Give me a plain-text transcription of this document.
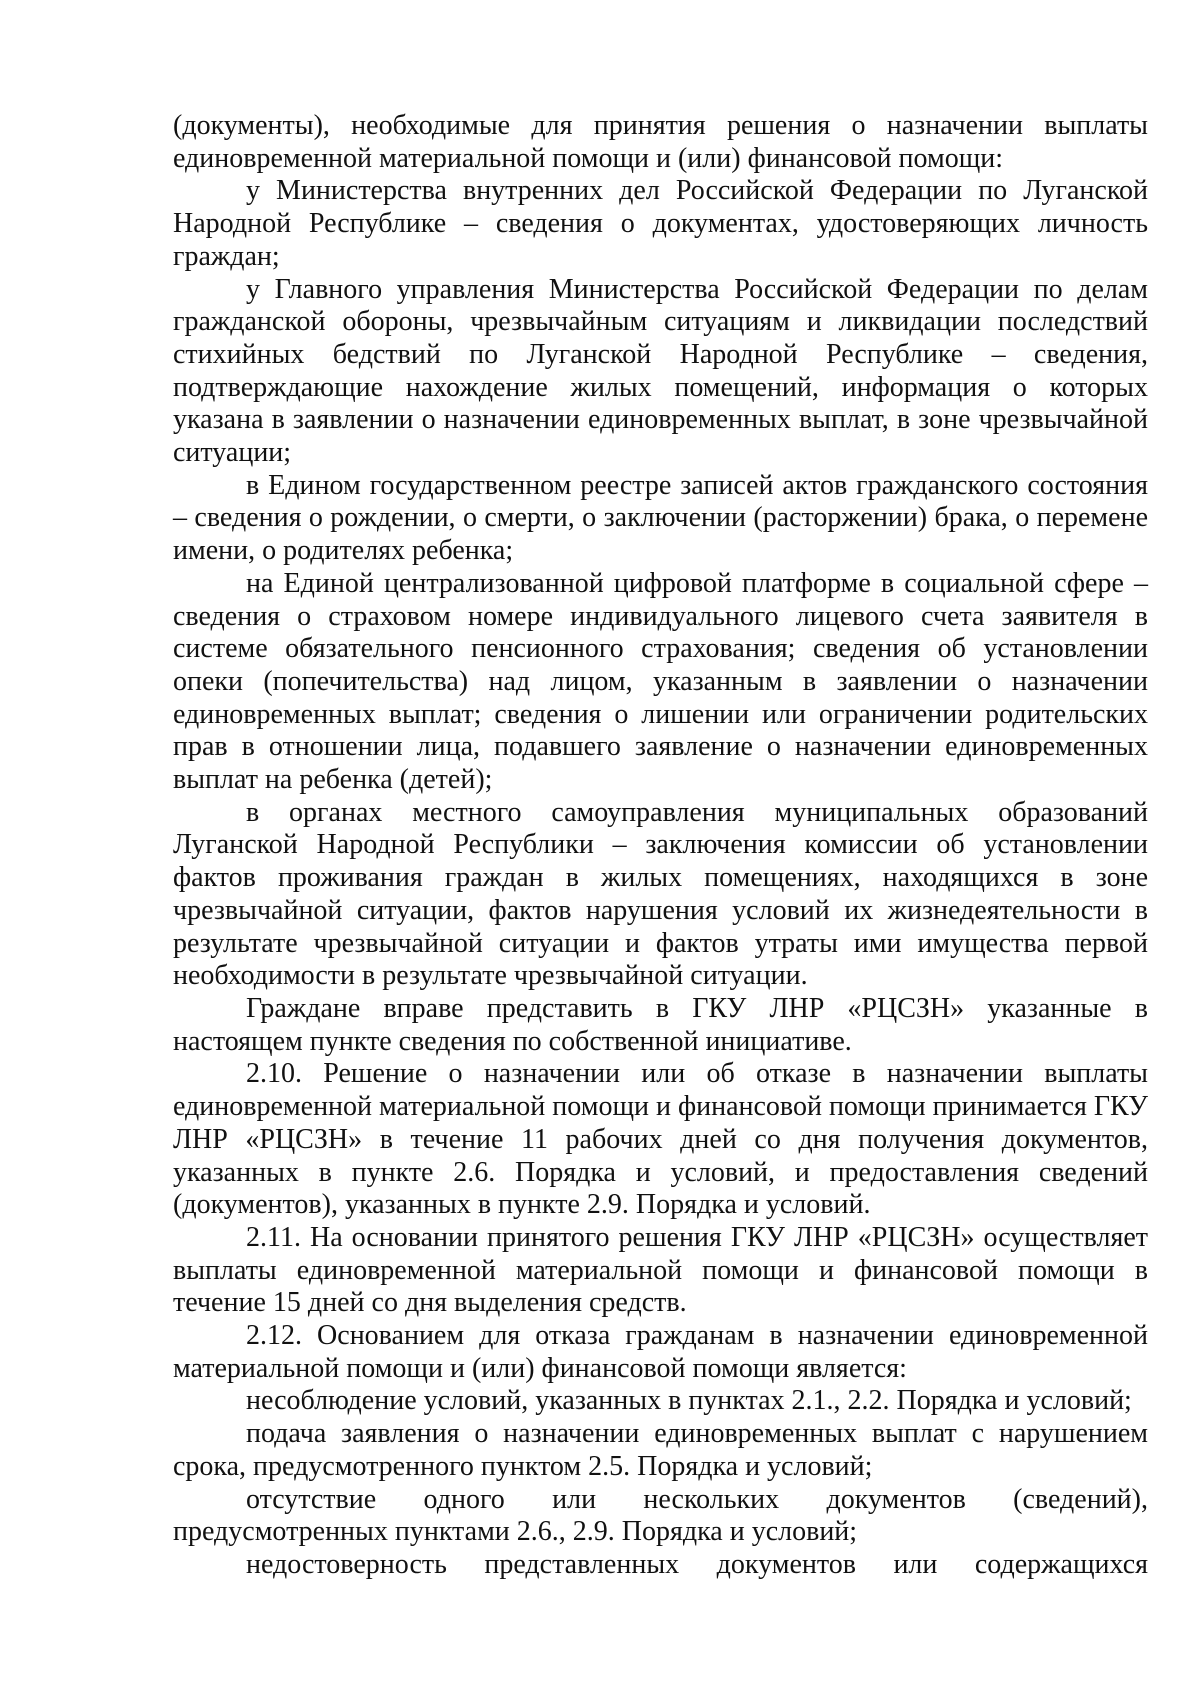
(документы), необходимые для принятия решения о назначении выплаты единовременной материальной помощи и (или) финансовой помощи:

у Министерства внутренних дел Российской Федерации по Луганской Народной Республике – сведения о документах, удостоверяющих личность граждан;

у Главного управления Министерства Российской Федерации по делам гражданской обороны, чрезвычайным ситуациям и ликвидации последствий стихийных бедствий по Луганской Народной Республике – сведения, подтверждающие нахождение жилых помещений, информация о которых указана в заявлении о назначении единовременных выплат, в зоне чрезвычайной ситуации;

в Едином государственном реестре записей актов гражданского состояния – сведения о рождении, о смерти, о заключении (расторжении) брака, о перемене имени, о родителях ребенка;

на Единой централизованной цифровой платформе в социальной сфере – сведения о страховом номере индивидуального лицевого счета заявителя в системе обязательного пенсионного страхования; сведения об установлении опеки (попечительства) над лицом, указанным в заявлении о назначении единовременных выплат; сведения о лишении или ограничении родительских прав в отношении лица, подавшего заявление о назначении единовременных выплат на ребенка (детей);

в органах местного самоуправления муниципальных образований Луганской Народной Республики – заключения комиссии об установлении фактов проживания граждан в жилых помещениях, находящихся в зоне чрезвычайной ситуации, фактов нарушения условий их жизнедеятельности в результате чрезвычайной ситуации и фактов утраты ими имущества первой необходимости в результате чрезвычайной ситуации.

Граждане вправе представить в ГКУ ЛНР «РЦСЗН» указанные в настоящем пункте сведения по собственной инициативе.

2.10. Решение о назначении или об отказе в назначении выплаты единовременной материальной помощи и финансовой помощи принимается ГКУ ЛНР «РЦСЗН» в течение 11 рабочих дней со дня получения документов, указанных в пункте 2.6. Порядка и условий, и предоставления сведений (документов), указанных в пункте 2.9. Порядка и условий.

2.11. На основании принятого решения ГКУ ЛНР «РЦСЗН» осуществляет выплаты единовременной материальной помощи и финансовой помощи в течение 15 дней со дня выделения средств.

2.12. Основанием для отказа гражданам в назначении единовременной материальной помощи и (или) финансовой помощи является:

несоблюдение условий, указанных в пунктах 2.1., 2.2. Порядка и условий;

подача заявления о назначении единовременных выплат с нарушением срока, предусмотренного пунктом 2.5. Порядка и условий;

отсутствие одного или нескольких документов (сведений), предусмотренных пунктами 2.6., 2.9. Порядка и условий;

недостоверность представленных документов или содержащихся
